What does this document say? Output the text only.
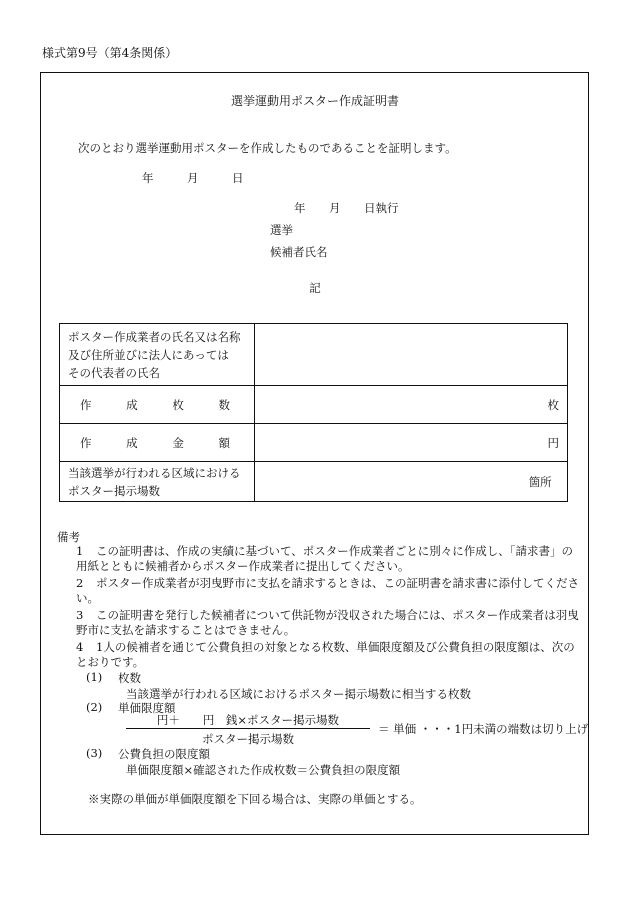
様式第9号（第4条関係）
選挙運動用ポスター作成証明書
次のとおり選挙運動用ポスターを作成したものであることを証明します。
年	月	日
年 月 日執行
選挙
候補者氏名
記
ポスター作成業者の氏名又は名称
及び住所並びに法人にあっては
その代表者の氏名	

作 成 枚 数	枚

作 成 金 額	円

当該選挙が行われる区域における
ポスター掲示場数	箇所
備考
1 この証明書は、作成の実績に基づいて、ポスター作成業者ごとに別々に作成し、「請求書」の用紙とともに候補者からポスター作成業者に提出してください。
2 ポスター作成業者が羽曳野市に支払を請求するときは、この証明書を請求書に添付してください。
3 この証明書を発行した候補者について供託物が没収された場合には、ポスター作成業者は羽曳野市に支払を請求することはできません。
4 1人の候補者を通じて公費負担の対象となる枚数、単価限度額及び公費負担の限度額は、次のとおりです。
(1) 枚数
当該選挙が行われる区域におけるポスター掲示場数に相当する枚数
(2) 単価限度額
円＋　　円　銭×ポスター掲示場数
ポスター掲示場数
＝ 単価 ・・・1円未満の端数は切り上げ
(3) 公費負担の限度額
単価限度額×確認された作成枚数＝公費負担の限度額
※実際の単価が単価限度額を下回る場合は、実際の単価とする。
